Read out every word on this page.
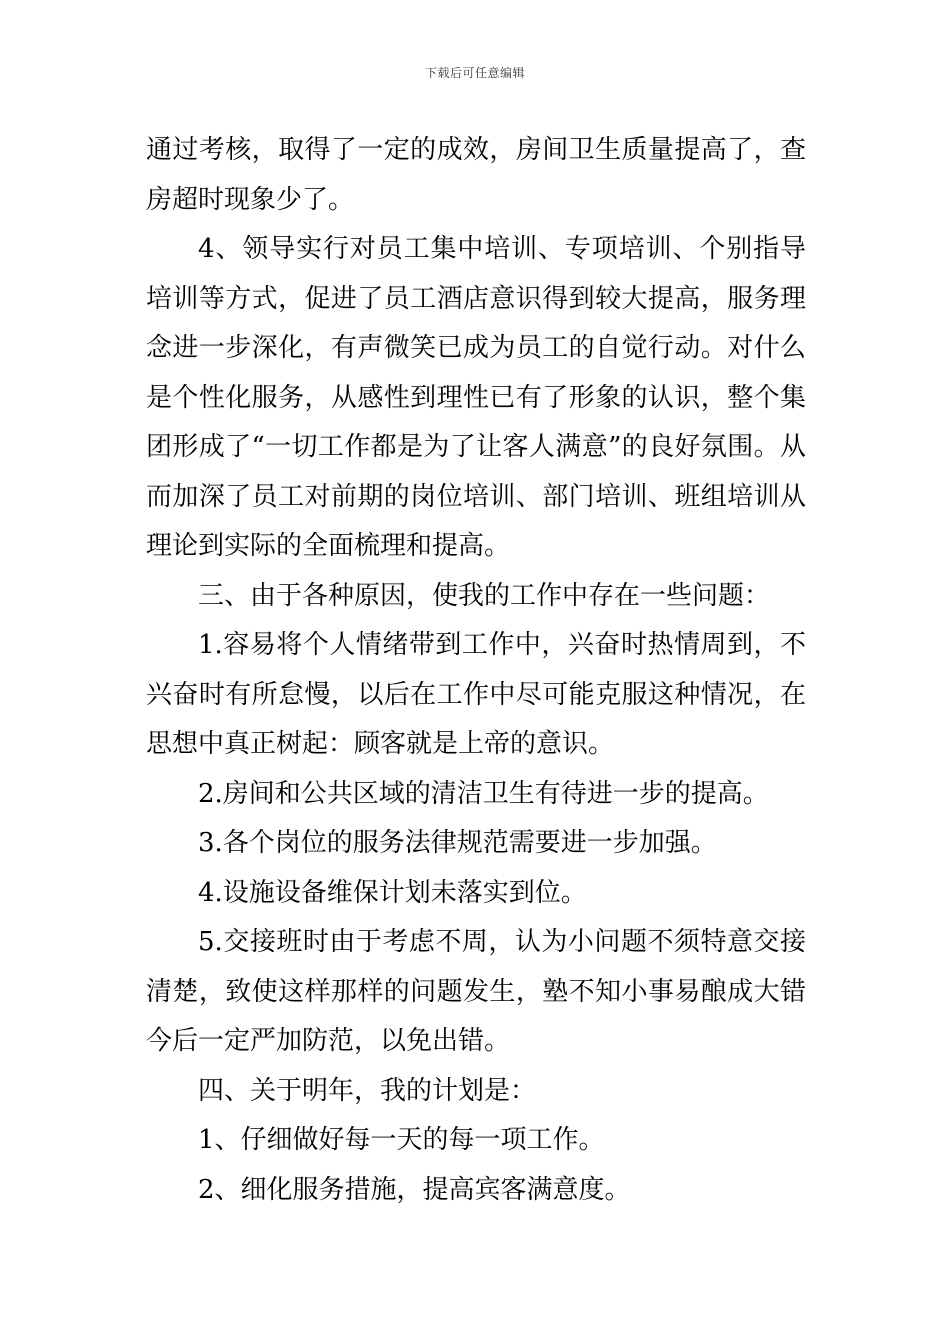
下载后可任意编辑

通过考核，取得了一定的成效，房间卫生质量提高了，查房超时现象少了。

4、领导实行对员工集中培训、专项培训、个别指导培训等方式，促进了员工酒店意识得到较大提高，服务理念进一步深化，有声微笑已成为员工的自觉行动。对什么是个性化服务，从感性到理性已有了形象的认识，整个集团形成了“一切工作都是为了让客人满意”的良好氛围。从而加深了员工对前期的岗位培训、部门培训、班组培训从理论到实际的全面梳理和提高。

三、由于各种原因，使我的工作中存在一些问题：

1.容易将个人情绪带到工作中，兴奋时热情周到，不兴奋时有所怠慢，以后在工作中尽可能克服这种情况，在思想中真正树起：顾客就是上帝的意识。

2.房间和公共区域的清洁卫生有待进一步的提高。

3.各个岗位的服务法律规范需要进一步加强。

4.设施设备维保计划未落实到位。

5.交接班时由于考虑不周，认为小问题不须特意交接清楚，致使这样那样的问题发生，塾不知小事易酿成大错今后一定严加防范，以免出错。

四、关于明年，我的计划是：

1、仔细做好每一天的每一项工作。

2、细化服务措施，提高宾客满意度。
